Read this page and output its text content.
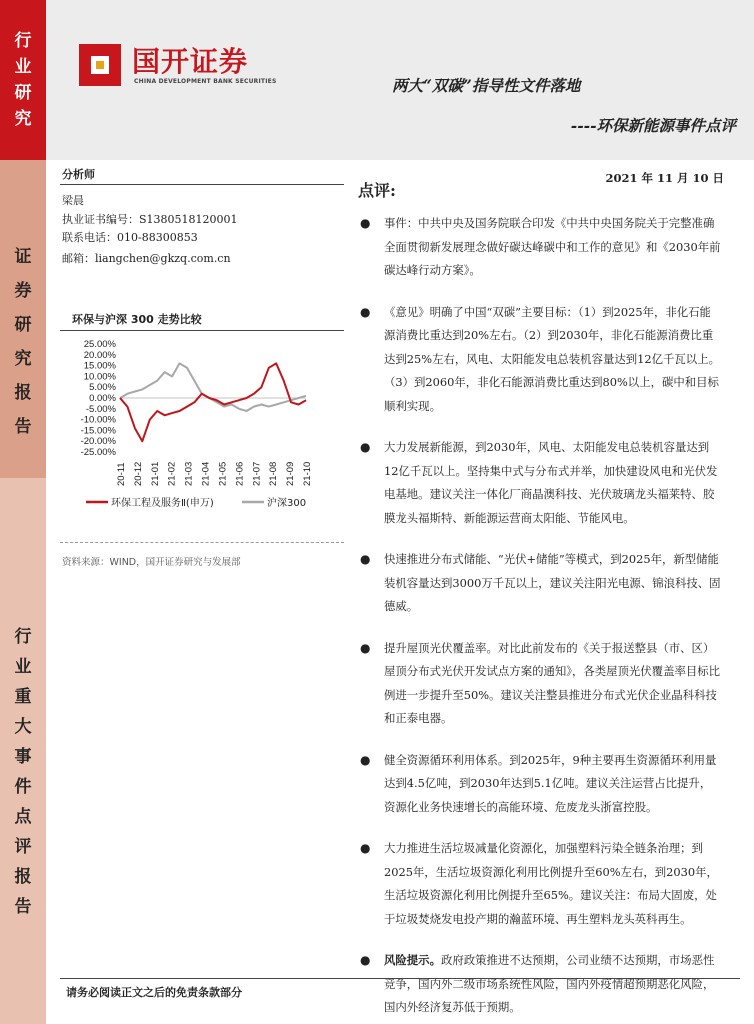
行
业
研
究
证
券
研
究
报
告
行
业
重
大
事
件
点
评
报
告
国开证券
CHINA DEVELOPMENT BANK SECURITIES	两大“双碳”指导性文件落地
----环保新能源事件点评
分析师
梁晨
执业证书编号：S1380518120001
联系电话：010-88300853
邮箱：liangchen@gkzq.com.cn
环保与沪深 300 走势比较
25.00%
20.00%
15.00%
10.00%
5.00%
0.00%
-5.00%
-10.00%
-15.00%
-20.00%
-25.00%
20-11 20-12 21-01 21-02 21-03 21-04 21-05 21-06 21-07 21-08 21-09 21-10
环保工程及服务Ⅱ(申万)	沪深300
资料来源：WIND，国开证券研究与发展部
2021 年 11 月 10 日
点评:
● 事件：中共中央及国务院联合印发《中共中央国务院关于完整准确全面贯彻新发展理念做好碳达峰碳中和工作的意见》和《2030年前碳达峰行动方案》。
● 《意见》明确了中国“双碳”主要目标：（1）到2025年，非化石能源消费比重达到20%左右。（2）到2030年，非化石能源消费比重达到25%左右，风电、太阳能发电总装机容量达到12亿千瓦以上。（3）到2060年，非化石能源消费比重达到80%以上，碳中和目标顺利实现。
● 大力发展新能源，到2030年，风电、太阳能发电总装机容量达到12亿千瓦以上。坚持集中式与分布式并举，加快建设风电和光伏发电基地。建议关注一体化厂商晶澳科技、光伏玻璃龙头福莱特、胶膜龙头福斯特、新能源运营商太阳能、节能风电。
● 快速推进分布式储能、“光伏+储能”等模式，到2025年，新型储能装机容量达到3000万千瓦以上，建议关注阳光电源、锦浪科技、固德威。
● 提升屋顶光伏覆盖率。对比此前发布的《关于报送整县（市、区）屋顶分布式光伏开发试点方案的通知》，各类屋顶光伏覆盖率目标比例进一步提升至50%。建议关注整县推进分布式光伏企业晶科科技和正泰电器。
● 健全资源循环利用体系。到2025年，9种主要再生资源循环利用量达到4.5亿吨，到2030年达到5.1亿吨。建议关注运营占比提升，资源化业务快速增长的高能环境、危废龙头浙富控股。
● 大力推进生活垃圾减量化资源化，加强塑料污染全链条治理；到2025年，生活垃圾资源化利用比例提升至60%左右，到2030年，生活垃圾资源化利用比例提升至65%。建议关注：布局大固废，处于垃圾焚烧发电投产期的瀚蓝环境、再生塑料龙头英科再生。
● 风险提示。政府政策推进不达预期，公司业绩不达预期，市场恶性竞争，国内外二级市场系统性风险，国内外疫情超预期恶化风险，国内外经济复苏低于预期。
请务必阅读正文之后的免责条款部分
